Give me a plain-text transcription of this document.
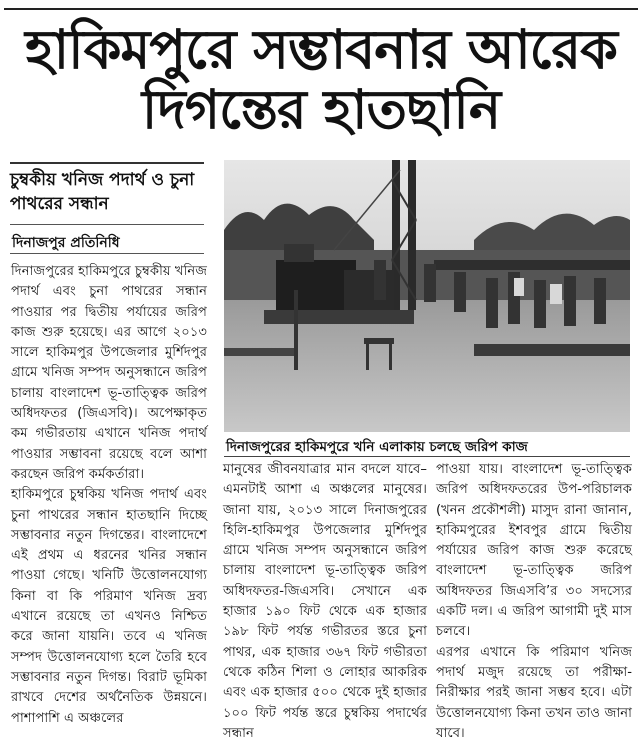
হাকিমপুরে সম্ভাবনার আরেক
দিগন্তের হাতছানি
চুম্বকীয় খনিজ পদার্থ ও চুনা পাথরের সন্ধান
দিনাজপুর প্রতিনিধি

দিনাজপুরের হাকিমপুরে চুম্বকীয় খনিজ পদার্থ এবং চুনা পাথরের সন্ধান পাওয়ার পর দ্বিতীয় পর্যায়ের জরিপ কাজ শুরু হয়েছে। এর আগে ২০১৩ সালে হাকিমপুর উপজেলার মুর্শিদপুর গ্রামে খনিজ সম্পদ অনুসন্ধানে জরিপ চালায় বাংলাদেশ ভূ-তাত্ত্বিক জরিপ অধিদফতর (জিএসবি)। অপেক্ষাকৃত কম গভীরতায় এখানে খনিজ পদার্থ পাওয়ার সম্ভাবনা রয়েছে বলে আশা করছেন জরিপ কর্মকর্তারা।

হাকিমপুরে চুম্বকিয় খনিজ পদার্থ এবং চুনা পাথরের সন্ধান হাতছানি দিচ্ছে সম্ভাবনার নতুন দিগন্তের। বাংলাদেশে এই প্রথম এ ধরনের খনির সন্ধান পাওয়া গেছে। খনিটি উত্তোলনযোগ্য কিনা বা কি পরিমাণ খনিজ দ্রব্য এখানে রয়েছে তা এখনও নিশ্চিত করে জানা যায়নি। তবে এ খনিজ সম্পদ উত্তোলনযোগ্য হলে তৈরি হবে সম্ভাবনার নতুন দিগন্ত। বিরাট ভূমিকা রাখবে দেশের অর্থনৈতিক উন্নয়নে। পাশাপাশি এ অঞ্চলের

দিনাজপুরের হাকিমপুরে খনি এলাকায় চলছে জরিপ কাজ

মানুষের জীবনযাত্রার মান বদলে যাবে–এমনটাই আশা এ অঞ্চলের মানুষের। জানা যায়, ২০১৩ সালে দিনাজপুরের হিলি-হাকিমপুর উপজেলার মুর্শিদপুর গ্রামে খনিজ সম্পদ অনুসন্ধানে জরিপ চালায় বাংলাদেশ ভূ-তাত্ত্বিক জরিপ অধিদফতর-জিএসবি। সেখানে এক হাজার ১৯০ ফিট থেকে এক হাজার ১৯৮ ফিট পর্যন্ত গভীরতর স্তরে চুনা পাথর, এক হাজার ৩৬৭ ফিট গভীরতা থেকে কঠিন শিলা ও লোহার আকরিক এবং এক হাজার ৫০০ থেকে দুই হাজার ১০০ ফিট পর্যন্ত স্তরে চুম্বকিয় পদার্থের সন্ধান

পাওয়া যায়। বাংলাদেশ ভূ-তাত্ত্বিক জরিপ অধিদফতরের উপ-পরিচালক (খনন প্রকৌশলী) মাসুদ রানা জানান, হাকিমপুরের ইশবপুর গ্রামে দ্বিতীয় পর্যায়ের জরিপ কাজ শুরু করেছে বাংলাদেশ ভূ-তাত্ত্বিক জরিপ অধিদফতর জিএসবি’র ৩০ সদস্যের একটি দল। এ জরিপ আগামী দুই মাস চলবে।

এরপর এখানে কি পরিমাণ খনিজ পদার্থ মজুদ রয়েছে তা পরীক্ষা-নিরীক্ষার পরই জানা সম্ভব হবে। এটা উত্তোলনযোগ্য কিনা তখন তাও জানা যাবে।
